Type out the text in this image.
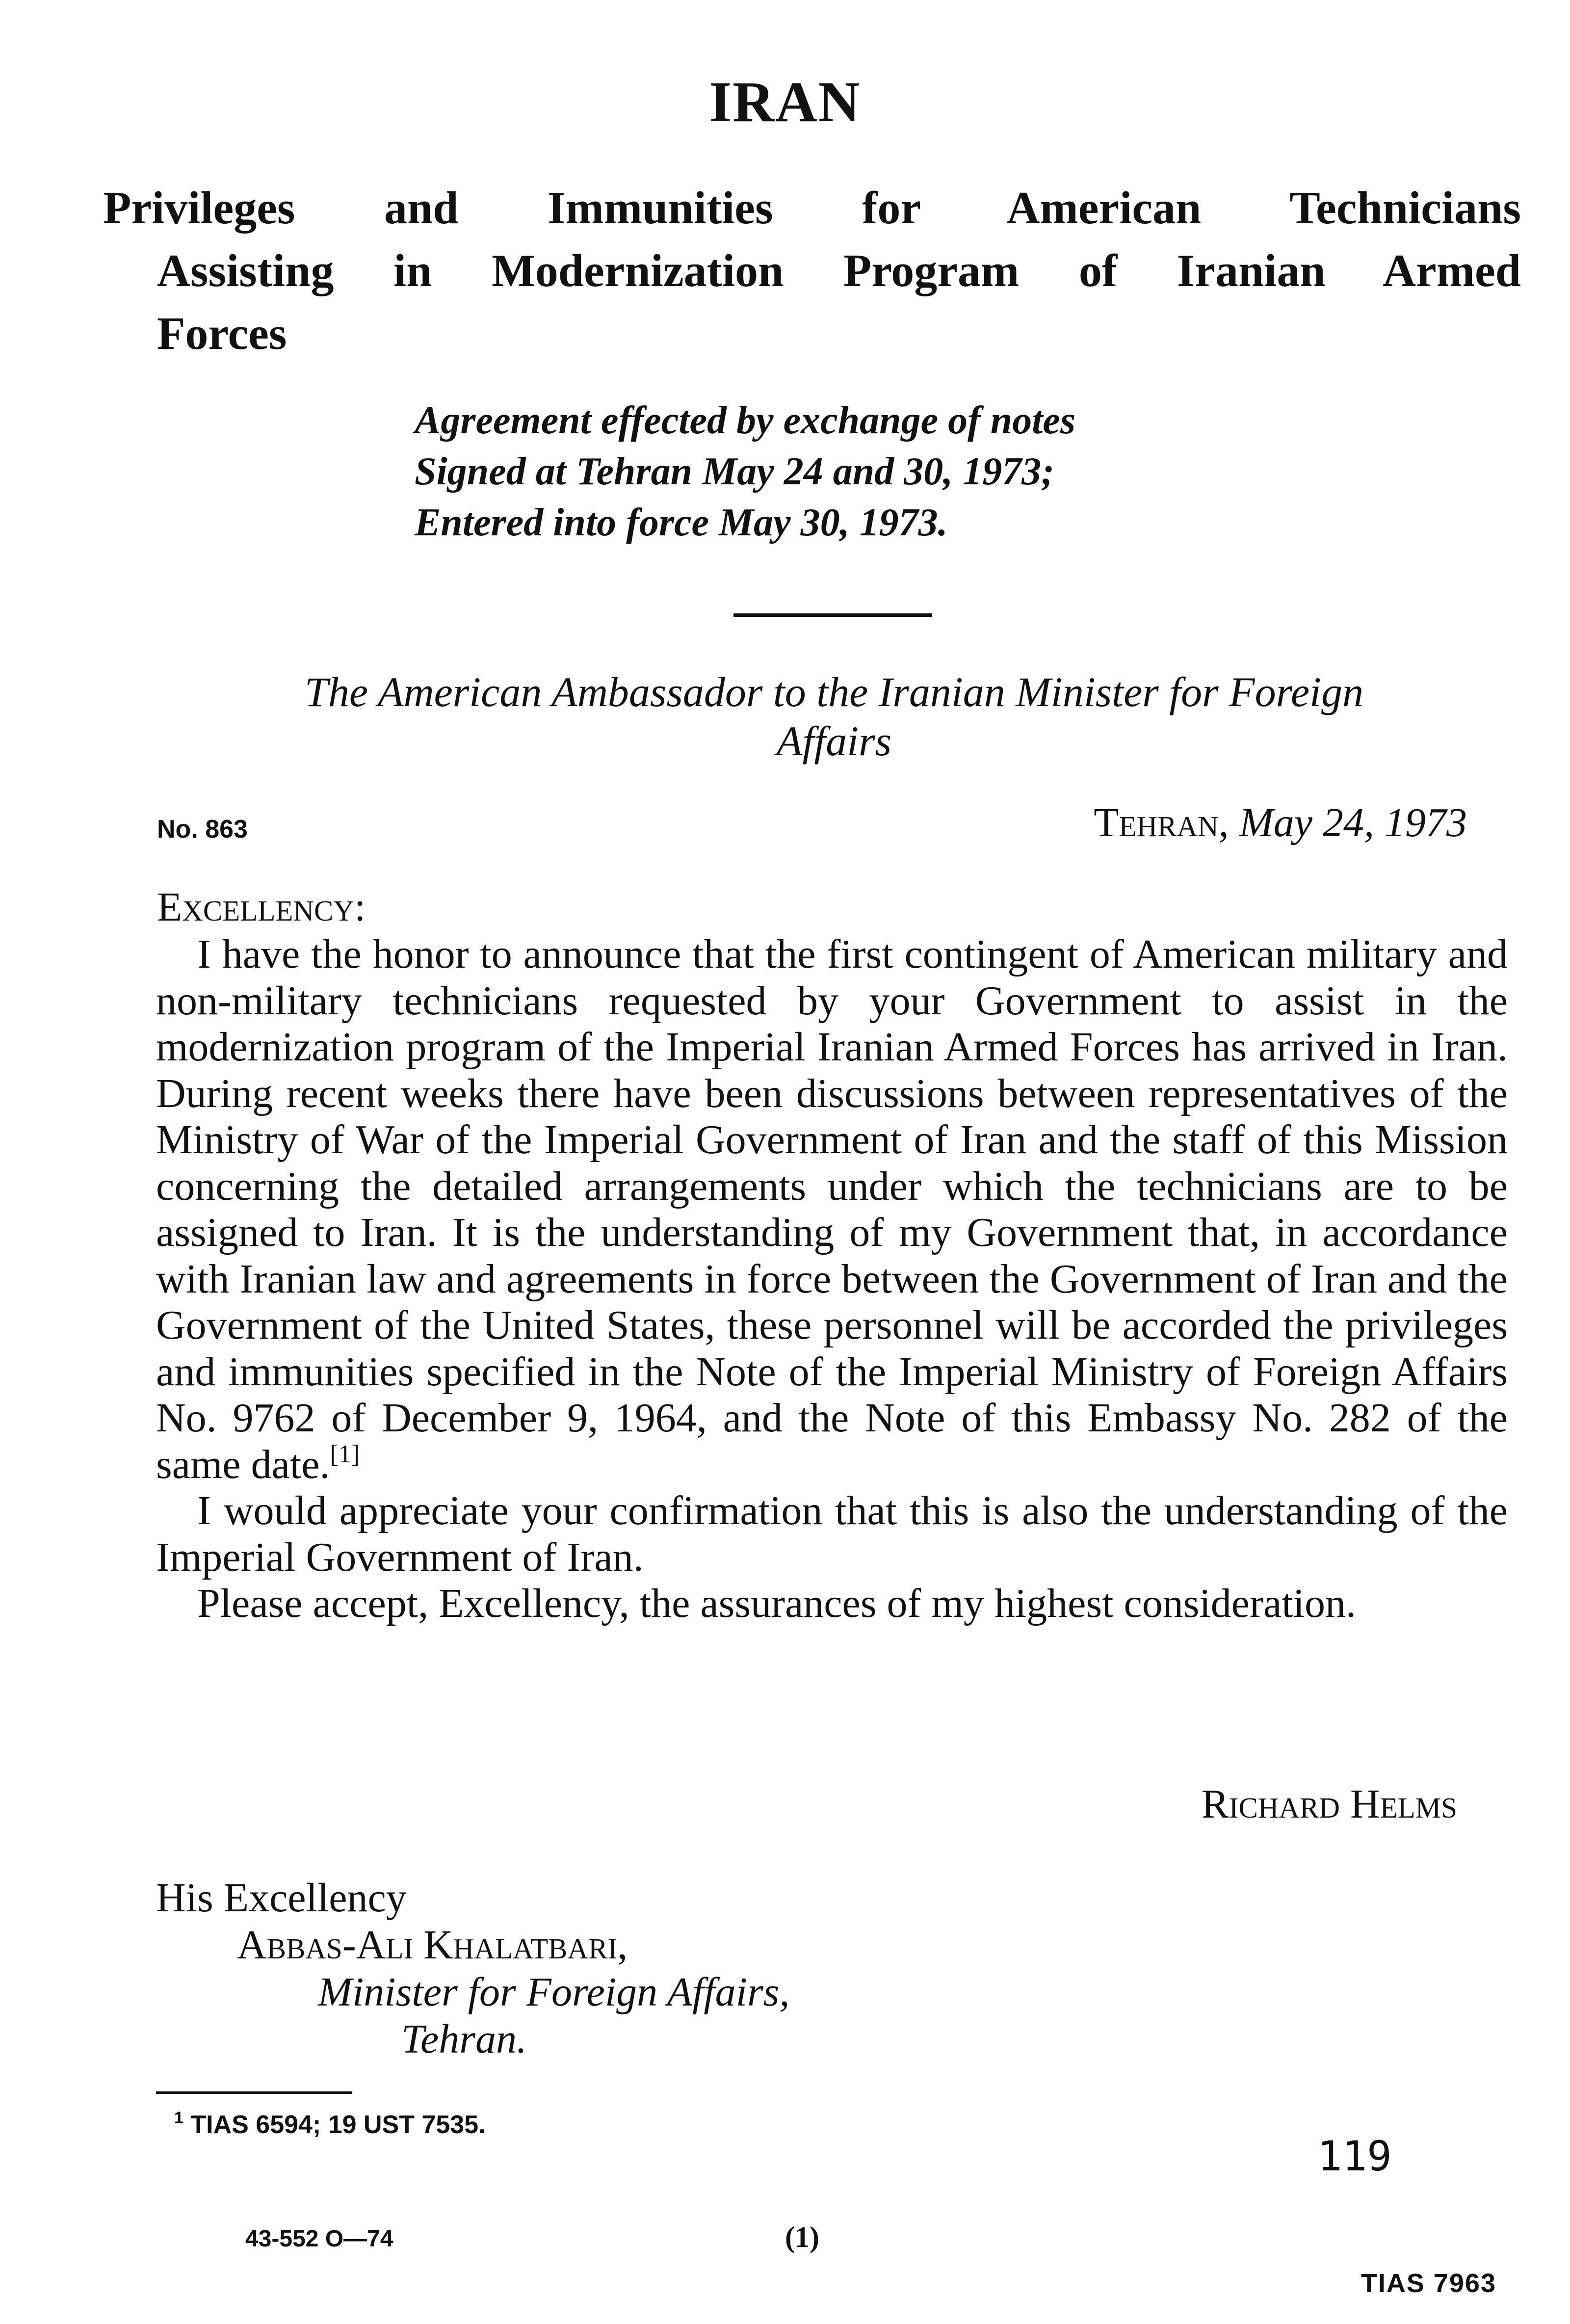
IRAN
Privileges and Immunities for American Technicians
Assisting in Modernization Program of Iranian Armed
Forces
Agreement effected by exchange of notes
Signed at Tehran May 24 and 30, 1973;
Entered into force May 30, 1973.
The American Ambassador to the Iranian Minister for Foreign
Affairs
No. 863	Tehran, May 24, 1973
Excellency:

I have the honor to announce that the first contingent of American military and non-military technicians requested by your Government to assist in the modernization program of the Imperial Iranian Armed Forces has arrived in Iran. During recent weeks there have been discussions between representatives of the Ministry of War of the Imperial Government of Iran and the staff of this Mission concerning the detailed arrangements under which the technicians are to be assigned to Iran. It is the understanding of my Government that, in accordance with Iranian law and agreements in force between the Government of Iran and the Government of the United States, these personnel will be accorded the privileges and immunities specified in the Note of the Imperial Ministry of Foreign Affairs No. 9762 of December 9, 1964, and the Note of this Embassy No. 282 of the same date.[1]

I would appreciate your confirmation that this is also the understanding of the Imperial Government of Iran.

Please accept, Excellency, the assurances of my highest consideration.

Richard Helms
His Excellency
Abbas-Ali Khalatbari,
Minister for Foreign Affairs,
Tehran.
$^1$ TIAS 6594; 19 UST 7535.
119
43-552 O—74	(1)
TIAS 7963
